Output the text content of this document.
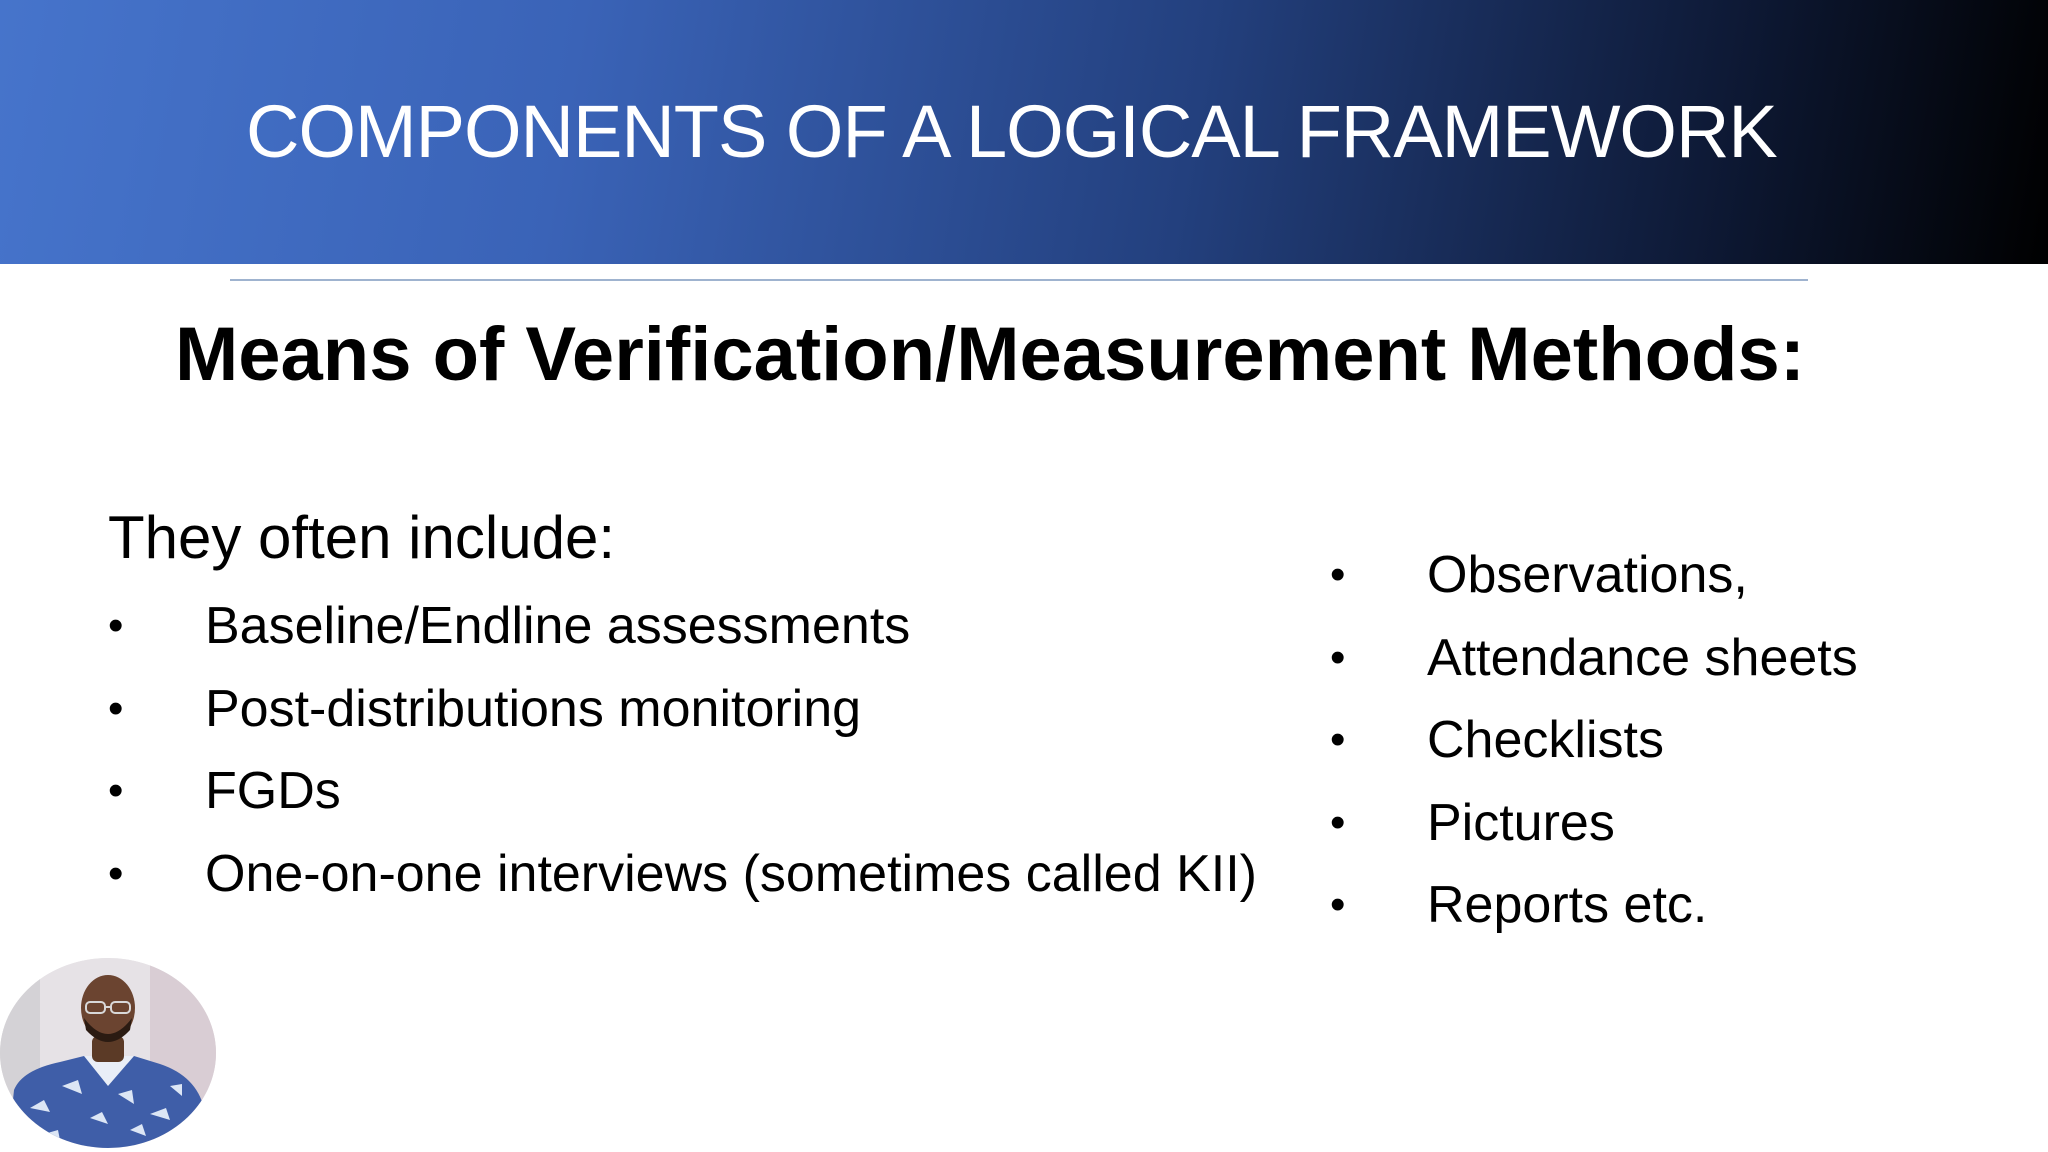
COMPONENTS OF A LOGICAL FRAMEWORK
Means of Verification/Measurement Methods:
They often include:
• Baseline/Endline assessments
• Post-distributions monitoring
• FGDs
• One-on-one interviews (sometimes called KII)
• Observations,
• Attendance sheets
• Checklists
• Pictures
• Reports etc.
